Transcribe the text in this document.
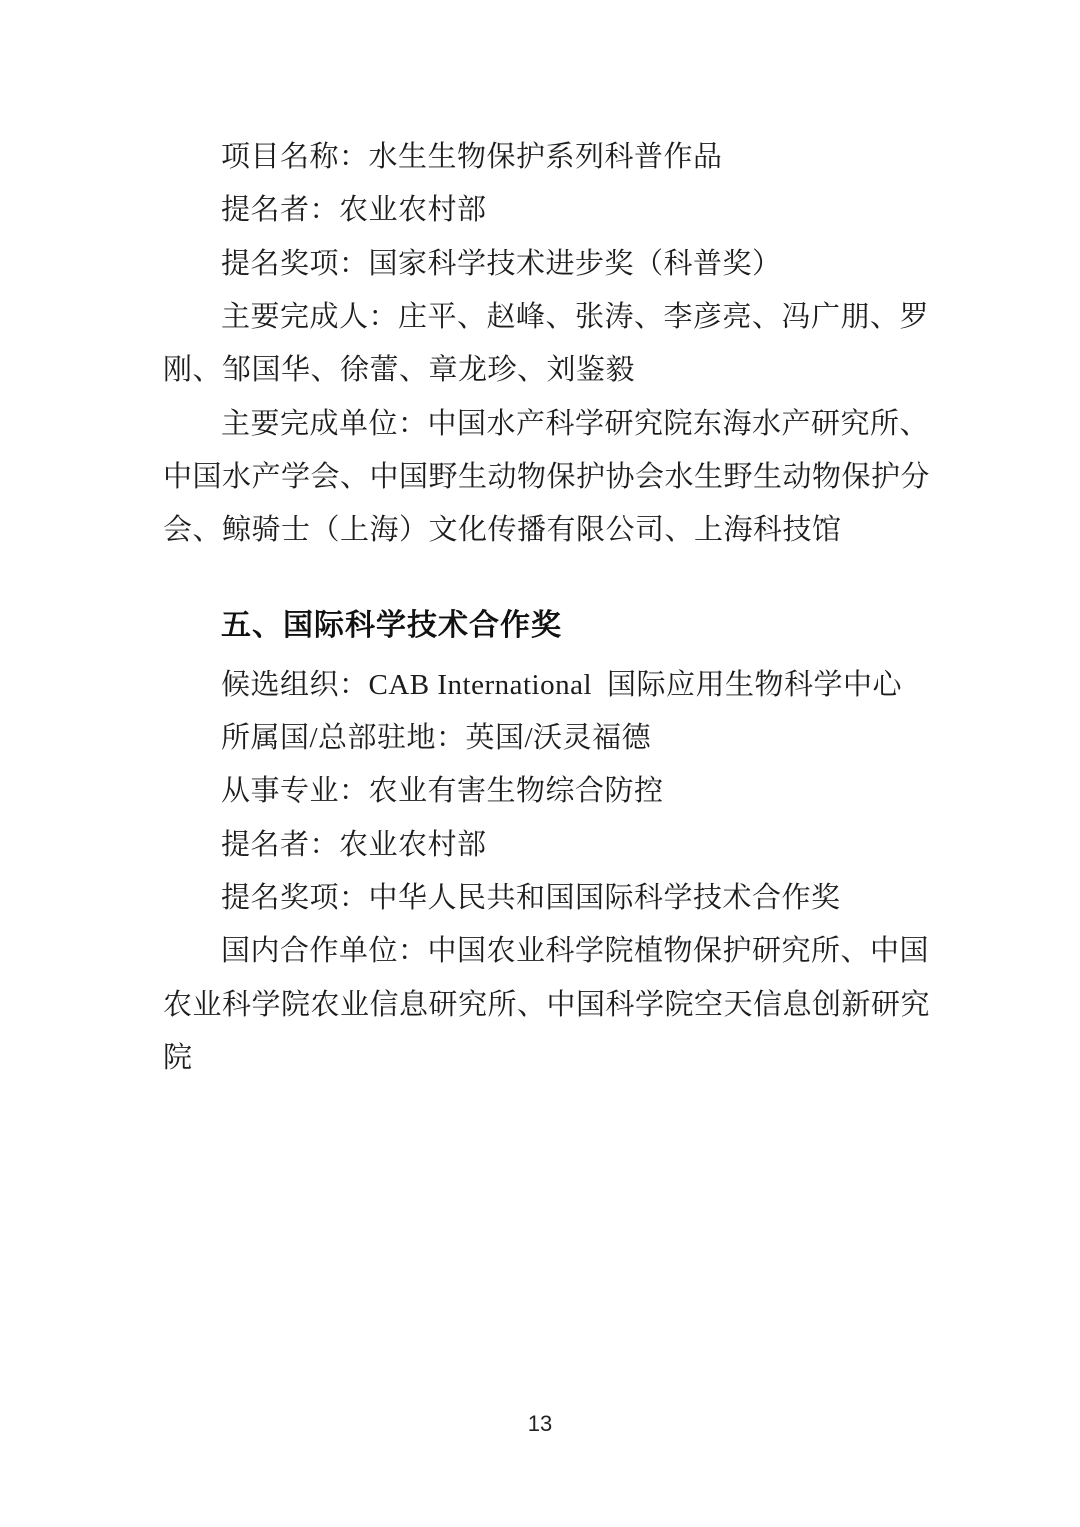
项目名称：水生生物保护系列科普作品
提名者：农业农村部
提名奖项：国家科学技术进步奖（科普奖）
主要完成人：庄平、赵峰、张涛、李彦亮、冯广朋、罗
刚、邹国华、徐蕾、章龙珍、刘鉴毅
主要完成单位：中国水产科学研究院东海水产研究所、
中国水产学会、中国野生动物保护协会水生野生动物保护分
会、鲸骑士（上海）文化传播有限公司、上海科技馆
五、国际科学技术合作奖
候选组织：CAB International 国际应用生物科学中心
所属国/总部驻地：英国/沃灵福德
从事专业：农业有害生物综合防控
提名者：农业农村部
提名奖项：中华人民共和国国际科学技术合作奖
国内合作单位：中国农业科学院植物保护研究所、中国
农业科学院农业信息研究所、中国科学院空天信息创新研究
院
13
